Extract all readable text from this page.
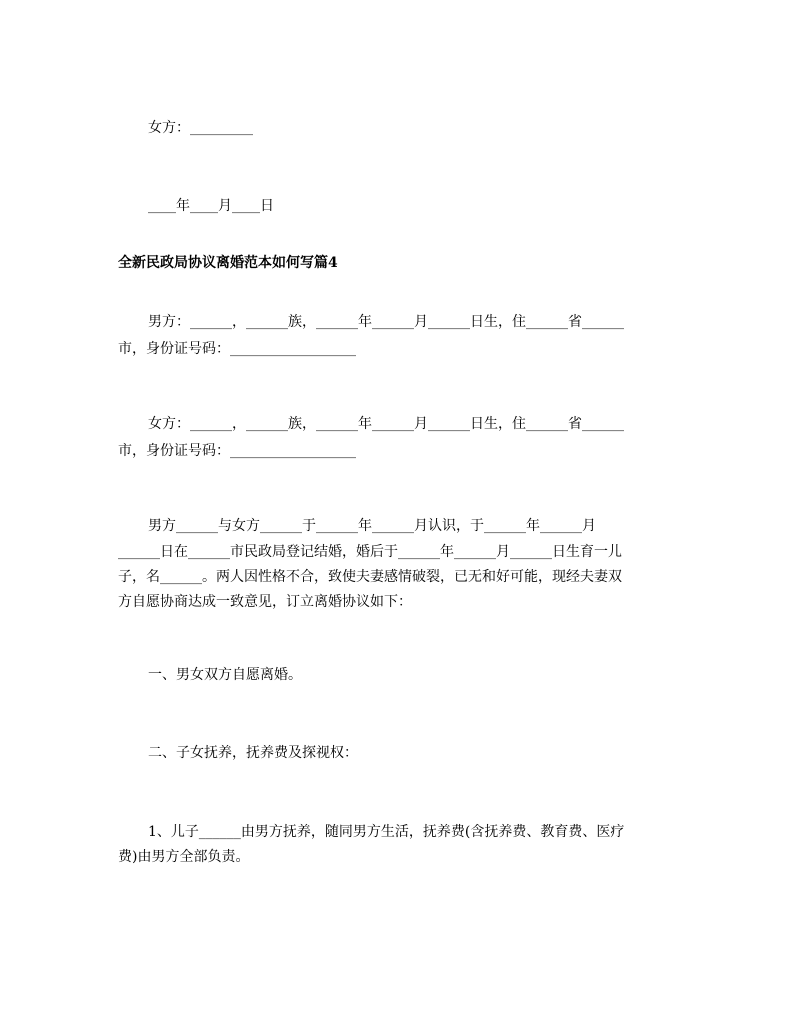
女方：_________
____年____月____日
全新民政局协议离婚范本如何写篇4
男方：______，______族，______年______月______日生，住______省______
市，身份证号码：__________________
女方：______，______族，______年______月______日生，住______省______
市，身份证号码：__________________
男方______与女方______于______年______月认识，于______年______月
______日在______市民政局登记结婚，婚后于______年______月______日生育一儿
子，名______。两人因性格不合，致使夫妻感情破裂，已无和好可能，现经夫妻双
方自愿协商达成一致意见，订立离婚协议如下：
一、男女双方自愿离婚。
二、子女抚养，抚养费及探视权：
1、儿子______由男方抚养，随同男方生活，抚养费(含抚养费、教育费、医疗
费)由男方全部负责。
